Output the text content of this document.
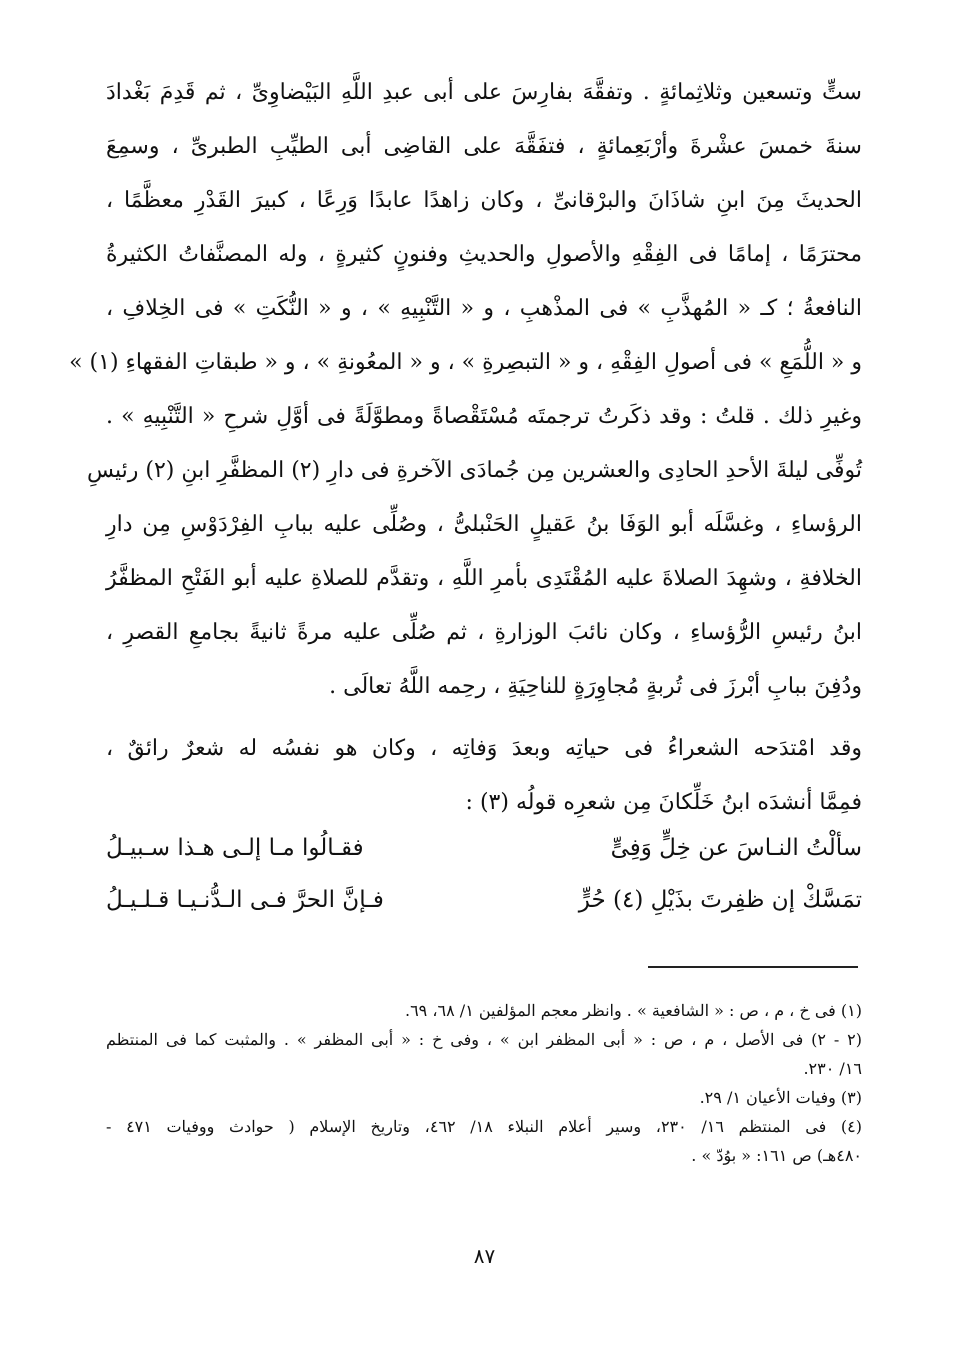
ستٍّ وتسعين وثلاثِمائةٍ . وتفقَّهَ بفارِسَ على أبى عبدِ اللَّهِ البَيْضاوِىِّ ، ثم قَدِمَ بَغْدادَ
سنةَ خمسَ عشْرةَ وأرْبَعِمائةٍ ، فتفَقَّهَ على القاضِى أبى الطيِّبِ الطبرىِّ ، وسمِعَ
الحديثَ مِنَ ابنِ شاذَانَ والبرْقانىِّ ، وكان زاهدًا عابدًا وَرِعًا ، كبيرَ القَدْرِ معظَّمًا ،
محترَمًا ، إمامًا فى الفِقْهِ والأصولِ والحديثِ وفنونٍ كثيرةٍ ، وله المصنَّفاتُ الكثيرةُ
النافعةُ ؛ كـ « المُهذَّبِ » فى المذْهبِ ، و « التَّنْبِيهِ » ، و « النُّكَتِ » فى الخِلافِ ،
و « اللُّمَعِ » فى أصولِ الفِقْهِ ، و « التبصِرةِ » ، و « المعُونةِ » ، و « طبقاتِ الفقهاءِ (١) »
وغيرِ ذلك . قلتُ : وقد ذكَرتُ ترجمتَه مُسْتَقْصاةً ومطوَّلَةً فى أوَّلِ شرحِ « التَّنْبِيهِ » .
تُوفِّى ليلةَ الأحدِ الحادِى والعشرين مِن جُمادَى الآخرةِ فى دارِ (٢) المظفَّرِ ابنِ (٢) رئيسِ
الرؤساءِ ، وغسَّلَه أبو الوَفَا بنُ عَقيلٍ الحَنْبلىُّ ، وصُلِّى عليه ببابِ الفِرْدَوْسِ مِن دارِ
الخلافةِ ، وشهِدَ الصلاةَ عليه المُقْتَدِى بأمرِ اللَّهِ ، وتقدَّم للصلاةِ عليه أبو الفَتْحِ المظفَّرُ
ابنُ رئيسِ الرُّؤساءِ ، وكان نائبَ الوزارةِ ، ثم صُلِّى عليه مرةً ثانيةً بجامعِ القصرِ ،
ودُفِنَ ببابِ أبْرزَ فى تُربةٍ مُجاوِرَةٍ للناحِيَةِ ، رحِمه اللَّهُ تعالَى .
وقد امْتدَحه الشعراءُ فى حياتِه وبعدَ وَفاتِه ، وكان هو نفسُه له شعرٌ رائقٌ ،
فمِمَّا أنشدَه ابنُ خَلِّكانَ مِن شعرِه قولُه (٣) :
سألْتُ النـاسَ عن خِلٍّ وَفِىٍّ
فقـالُوا مـا إلـى هـذا سـبيـلُ
تمَسَّكْ إن ظفِرتَ بذَيْلِ (٤) حُرٍّ
فـإنَّ الحرَّ فـى الـدُّنـيـا قـلـيـلُ
(١) فى خ ، م ، ص : « الشافعية » . وانظر معجم المؤلفين ١/ ٦٨، ٦٩.
(٢ - ٢) فى الأصل ، م ، ص : « أبى المظفر ابن » ، وفى خ : « أبى المظفر » . والمثبت كما فى المنتظم
١٦/ ٢٣٠.
(٣) وفيات الأعيان ١/ ٢٩.
(٤) فى المنتظم ١٦/ ٢٣٠، وسير أعلام النبلاء ١٨/ ٤٦٢، وتاريخ الإسلام ( حوادث ووفيات ٤٧١ -
٤٨٠هـ) ص ١٦١: « بوُدّ » .
٨٧
